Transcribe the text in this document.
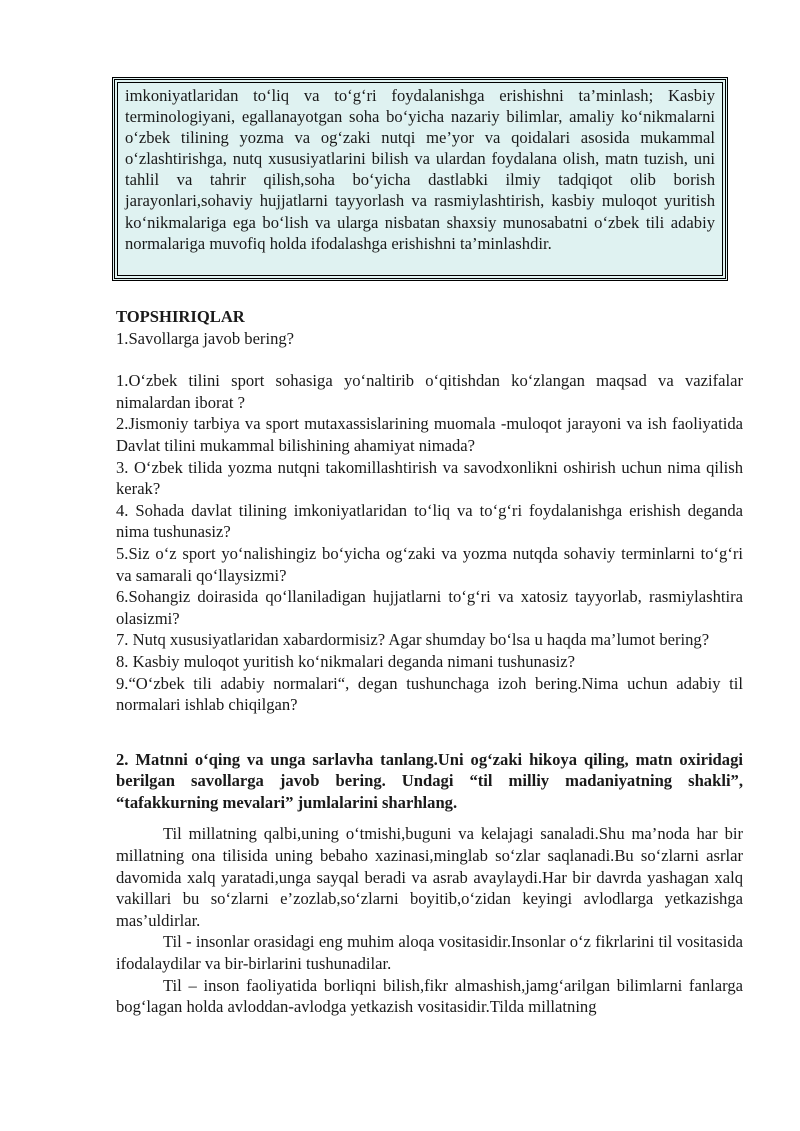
imkoniyatlaridan to‘liq va to‘g‘ri foydalanishga erishishni ta’minlash; Kasbiy terminologiyani, egallanayotgan soha bo‘yicha nazariy bilimlar, amaliy ko‘nikmalarni o‘zbek tilining yozma va og‘zaki nutqi me’yor va qoidalari asosida mukammal o‘zlashtirishga, nutq xususiyatlarini bilish va ulardan foydalana olish, matn tuzish, uni tahlil va tahrir qilish,soha bo‘yicha dastlabki ilmiy tadqiqot olib borish jarayonlari,sohaviy hujjatlarni tayyorlash va rasmiylashtirish, kasbiy muloqot yuritish ko‘nikmalariga ega bo‘lish va ularga nisbatan shaxsiy munosabatni o‘zbek tili adabiy normalariga muvofiq holda ifodalashga erishishni ta’minlashdir.

TOPSHIRIQLAR

1.Savollarga javob bering?

1.O‘zbek tilini sport sohasiga yo‘naltirib o‘qitishdan ko‘zlangan maqsad va vazifalar nimalardan iborat ?

2.Jismoniy tarbiya va sport mutaxassislarining muomala -muloqot jarayoni va ish faoliyatida Davlat tilini mukammal bilishining ahamiyat nimada?

3. O‘zbek tilida yozma nutqni takomillashtirish va savodxonlikni oshirish uchun nima qilish kerak?

4. Sohada davlat tilining imkoniyatlaridan to‘liq va to‘g‘ri foydalanishga erishish deganda nima tushunasiz?

5.Siz o‘z sport yo‘nalishingiz bo‘yicha og‘zaki va yozma nutqda sohaviy terminlarni to‘g‘ri va samarali qo‘llaysizmi?

6.Sohangiz doirasida qo‘llaniladigan hujjatlarni to‘g‘ri va xatosiz tayyorlab, rasmiylashtira olasizmi?

7. Nutq xususiyatlaridan xabardormisiz? Agar shumday bo‘lsa u haqda ma’lumot bering?

8. Kasbiy muloqot yuritish ko‘nikmalari deganda nimani tushunasiz?

9.“O‘zbek tili adabiy normalari“, degan tushunchaga izoh bering.Nima uchun adabiy til normalari ishlab chiqilgan?

2. Matnni o‘qing va unga sarlavha tanlang.Uni og‘zaki hikoya qiling, matn oxiridagi berilgan savollarga javob bering. Undagi “til milliy madaniyatning shakli”, “tafakkurning mevalari” jumlalarini sharhlang.

Til millatning qalbi,uning o‘tmishi,buguni va kelajagi sanaladi.Shu ma’noda har bir millatning ona tilisida uning bebaho xazinasi,minglab so‘zlar saqlanadi.Bu so‘zlarni asrlar davomida xalq yaratadi,unga sayqal beradi va asrab avaylaydi.Har bir davrda yashagan xalq vakillari bu so‘zlarni e’zozlab,so‘zlarni boyitib,o‘zidan keyingi avlodlarga yetkazishga mas’uldirlar.

Til - insonlar orasidagi eng muhim aloqa vositasidir.Insonlar o‘z fikrlarini til vositasida ifodalaydilar va bir-birlarini tushunadilar.

Til – inson faoliyatida borliqni bilish,fikr almashish,jamg‘arilgan bilimlarni fanlarga bog‘lagan holda avloddan-avlodga yetkazish vositasidir.Tilda millatning
